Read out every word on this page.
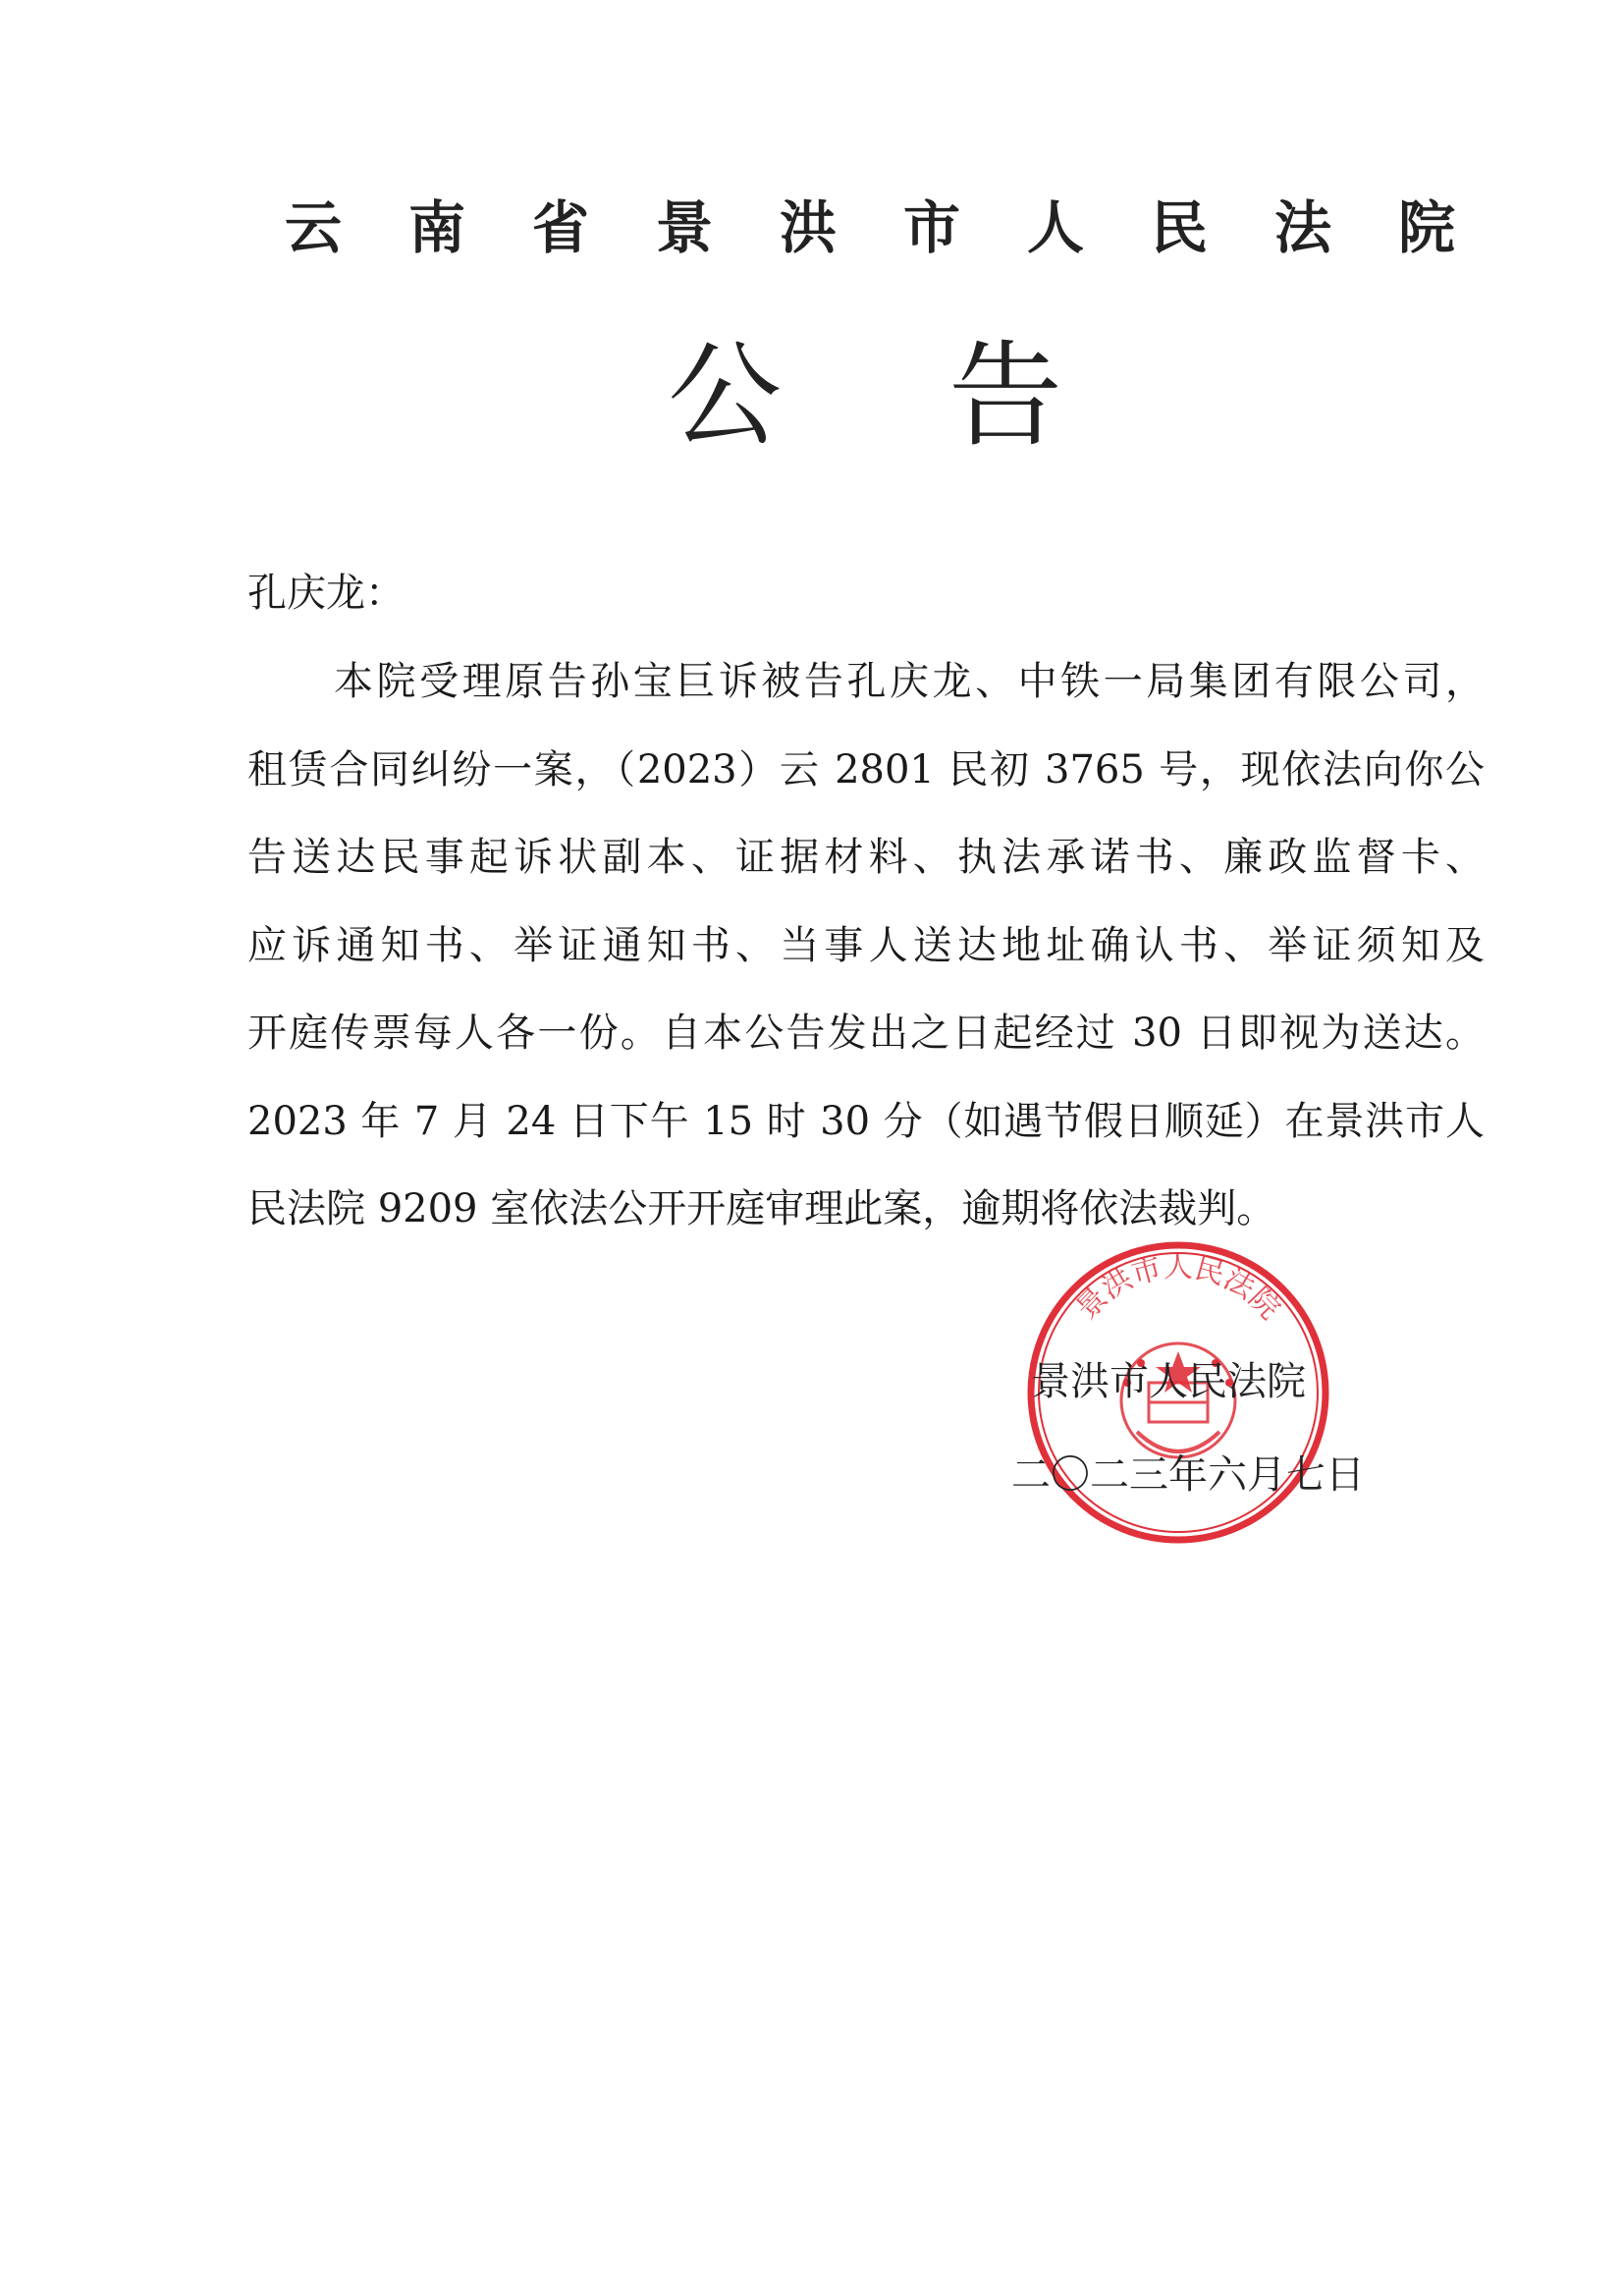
云南省景洪市人民法院
公告
孔庆龙：
本院受理原告孙宝巨诉被告孔庆龙、中铁一局集团有限公司，
租赁合同纠纷一案，（2023）云 2801 民初 3765 号，现依法向你公
告送达民事起诉状副本、证据材料、执法承诺书、廉政监督卡、
应诉通知书、举证通知书、当事人送达地址确认书、举证须知及
开庭传票每人各一份。自本公告发出之日起经过 30 日即视为送达。
2023 年 7 月 24 日下午 15 时 30 分（如遇节假日顺延）在景洪市人
民法院 9209 室依法公开开庭审理此案，逾期将依法裁判。
景洪市人民法院
景洪市人民法院
二〇二三年六月七日
